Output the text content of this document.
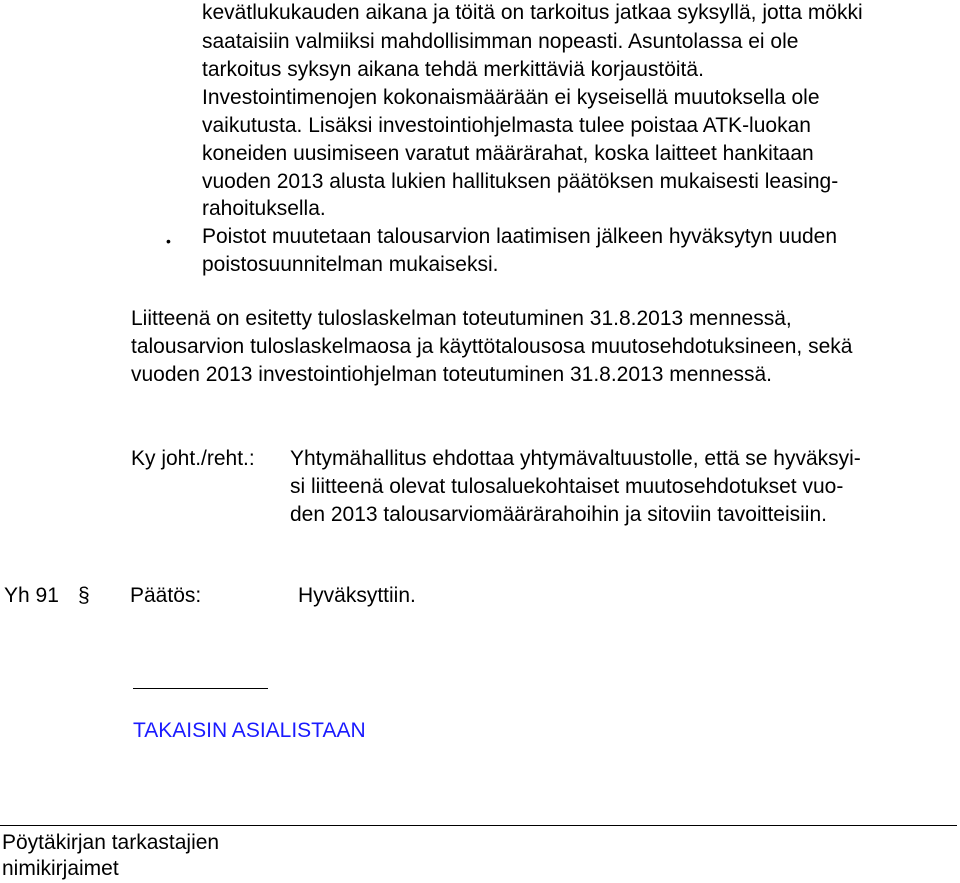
kevätlukukauden aikana ja töitä on tarkoitus jatkaa syksyllä, jotta mökki
saataisiin valmiiksi mahdollisimman nopeasti. Asuntolassa ei ole
tarkoitus syksyn aikana tehdä merkittäviä korjaustöitä.
Investointimenojen kokonaismäärään ei kyseisellä muutoksella ole
vaikutusta. Lisäksi investointiohjelmasta tulee poistaa ATK-luokan
koneiden uusimiseen varatut määrärahat, koska laitteet hankitaan
vuoden 2013 alusta lukien hallituksen päätöksen mukaisesti leasing-
rahoituksella.
• Poistot muutetaan talousarvion laatimisen jälkeen hyväksytyn uuden
poistosuunnitelman mukaiseksi.
Liitteenä on esitetty tuloslaskelman toteutuminen 31.8.2013 mennessä,
talousarvion tuloslaskelmaosa ja käyttötalousosa muutosehdotuksineen, sekä
vuoden 2013 investointiohjelman toteutuminen 31.8.2013 mennessä.
Ky joht./reht.: Yhtymähallitus ehdottaa yhtymävaltuustolle, että se hyväksyi-
si liitteenä olevat tulosaluekohtaiset muutosehdotukset vuo-
den 2013 talousarviomäärärahoihin ja sitoviin tavoitteisiin.
Yh 91 § Päätös:	Hyväksyttiin.
TAKAISIN ASIALISTAAN
Pöytäkirjan tarkastajien
nimikirjaimet
